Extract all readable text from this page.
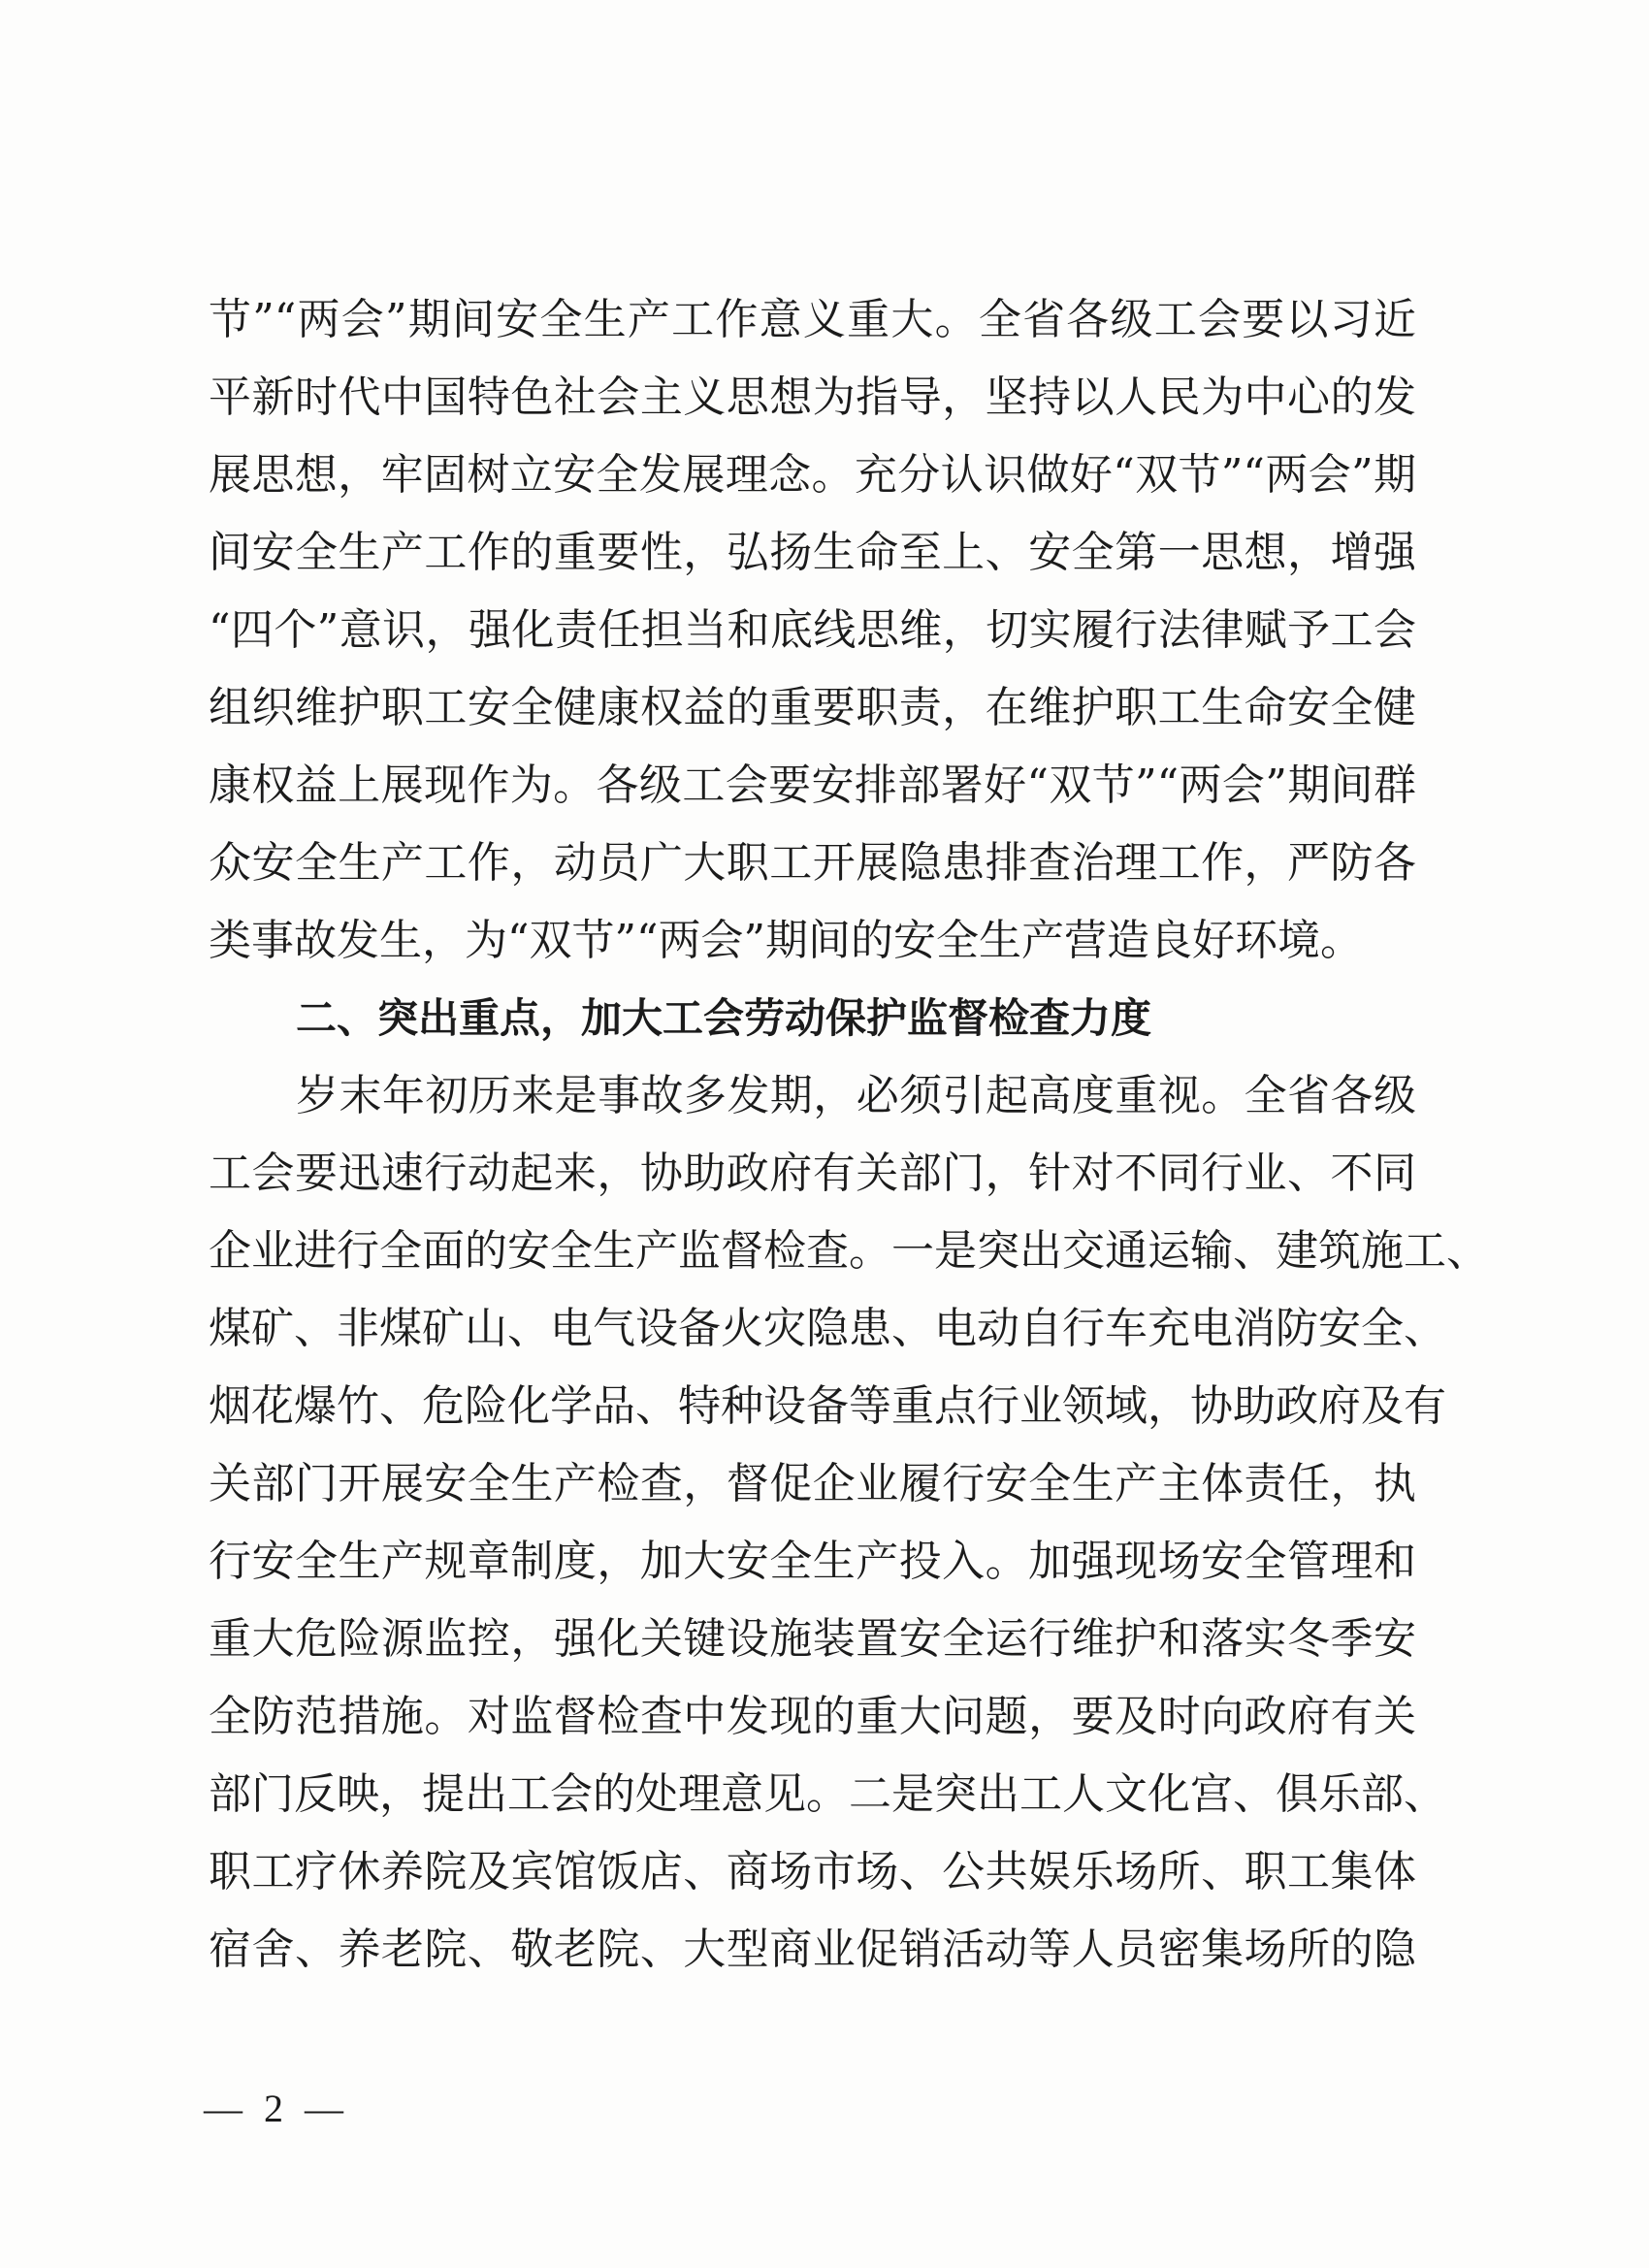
节”“两会”期间安全生产工作意义重大。全省各级工会要以习近
平新时代中国特色社会主义思想为指导，坚持以人民为中心的发
展思想，牢固树立安全发展理念。充分认识做好“双节”“两会”期
间安全生产工作的重要性，弘扬生命至上、安全第一思想，增强
“四个”意识，强化责任担当和底线思维，切实履行法律赋予工会
组织维护职工安全健康权益的重要职责，在维护职工生命安全健
康权益上展现作为。各级工会要安排部署好“双节”“两会”期间群
众安全生产工作，动员广大职工开展隐患排查治理工作，严防各
类事故发生，为“双节”“两会”期间的安全生产营造良好环境。
二、突出重点，加大工会劳动保护监督检查力度
岁末年初历来是事故多发期，必须引起高度重视。全省各级
工会要迅速行动起来，协助政府有关部门，针对不同行业、不同
企业进行全面的安全生产监督检查。一是突出交通运输、建筑施工、
煤矿、非煤矿山、电气设备火灾隐患、电动自行车充电消防安全、
烟花爆竹、危险化学品、特种设备等重点行业领域，协助政府及有
关部门开展安全生产检查，督促企业履行安全生产主体责任，执
行安全生产规章制度，加大安全生产投入。加强现场安全管理和
重大危险源监控，强化关键设施装置安全运行维护和落实冬季安
全防范措施。对监督检查中发现的重大问题，要及时向政府有关
部门反映，提出工会的处理意见。二是突出工人文化宫、俱乐部、
职工疗休养院及宾馆饭店、商场市场、公共娱乐场所、职工集体
宿舍、养老院、敬老院、大型商业促销活动等人员密集场所的隐
— 2 —
